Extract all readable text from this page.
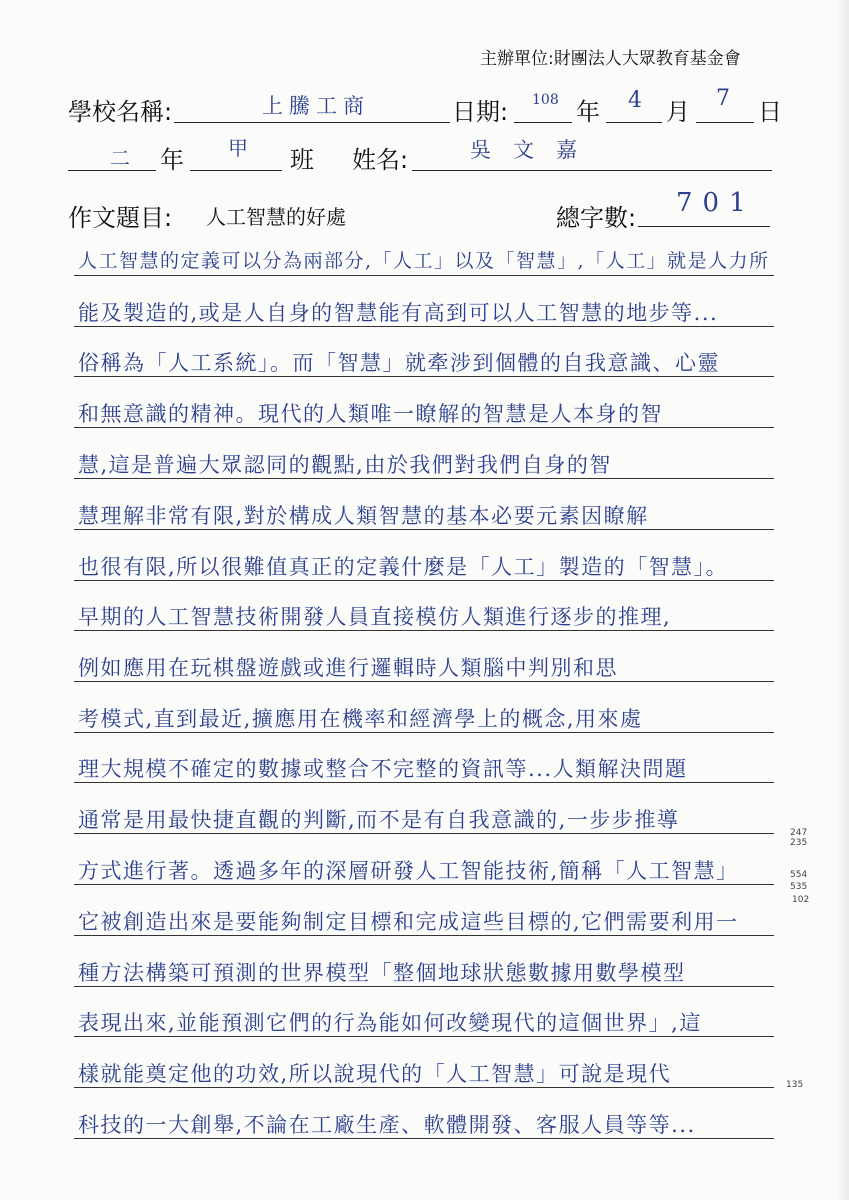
主辦單位:財團法人大眾教育基金會
學校名稱:	上騰工商	日期: 108 年 4 月 7 日
二 年 甲 班 姓名:	吳文嘉
作文題目: 人工智慧的好處	總字數: 701
人工智慧的定義可以分為兩部分,「人工」以及「智慧」,「人工」就是人力所
能及製造的,或是人自身的智慧能有高到可以人工智慧的地步等...
俗稱為「人工系統」。而「智慧」就牽涉到個體的自我意識、心靈
和無意識的精神。現代的人類唯一瞭解的智慧是人本身的智
慧,這是普遍大眾認同的觀點,由於我們對我們自身的智
慧理解非常有限,對於構成人類智慧的基本必要元素因瞭解
也很有限,所以很難值真正的定義什麼是「人工」製造的「智慧」。
早期的人工智慧技術開發人員直接模仿人類進行逐步的推理,
例如應用在玩棋盤遊戲或進行邏輯時人類腦中判別和思
考模式,直到最近,擴應用在機率和經濟學上的概念,用來處
理大規模不確定的數據或整合不完整的資訊等...人類解決問題
通常是用最快捷直觀的判斷,而不是有自我意識的,一步步推導
方式進行著。透過多年的深層研發人工智能技術,簡稱「人工智慧」
它被創造出來是要能夠制定目標和完成這些目標的,它們需要利用一
種方法構築可預測的世界模型「整個地球狀態數據用數學模型
表現出來,並能預測它們的行為能如何改變現代的這個世界」,這
樣就能奠定他的功效,所以說現代的「人工智慧」可說是現代
科技的一大創舉,不論在工廠生產、軟體開發、客服人員等等...
247
235
554
535
102
135
